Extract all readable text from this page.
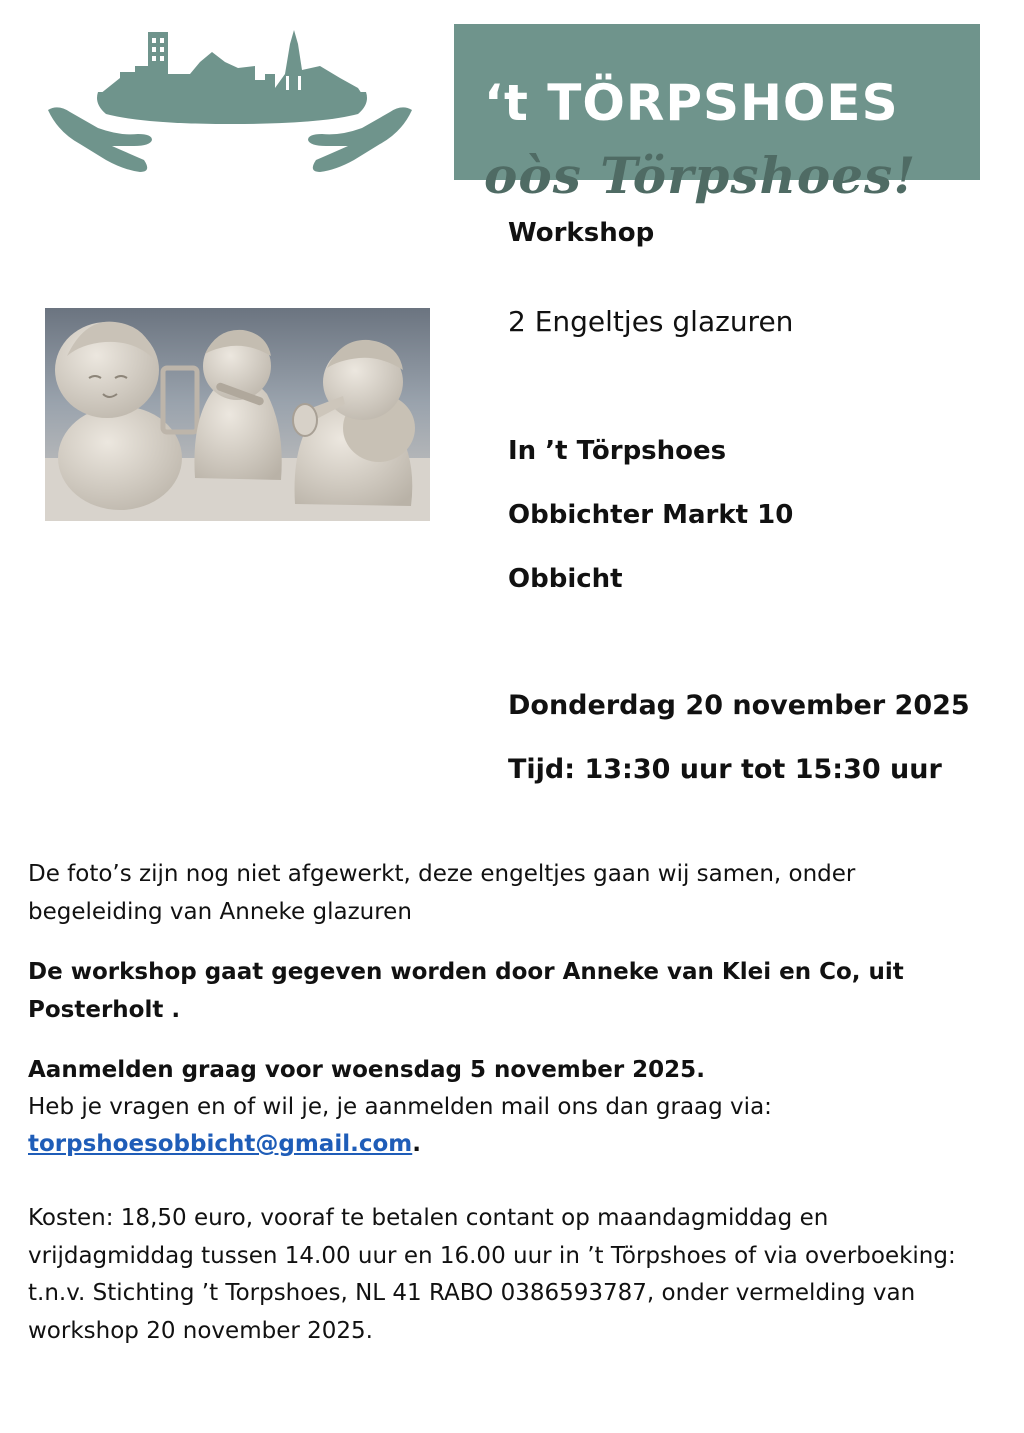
‘t TÖRPSHOES
oòs Törpshoes!
Workshop
2 Engeltjes glazuren
In ’t Törpshoes
Obbichter Markt 10
Obbicht
Donderdag 20 november 2025
Tijd: 13:30 uur tot 15:30 uur
De foto’s zijn nog niet afgewerkt, deze engeltjes gaan wij samen, onder begeleiding van Anneke glazuren
De workshop gaat gegeven worden door Anneke van Klei en Co, uit Posterholt .
Aanmelden graag voor woensdag 5 november 2025.
Heb je vragen en of wil je, je aanmelden mail ons dan graag via:
torpshoesobbicht@gmail.com.
Kosten: 18,50 euro, vooraf te betalen contant op maandagmiddag en vrijdagmiddag tussen 14.00 uur en 16.00 uur in ’t Törpshoes of via overboeking: t.n.v. Stichting ’t Torpshoes, NL 41 RABO 0386593787, onder vermelding van workshop 20 november 2025.
